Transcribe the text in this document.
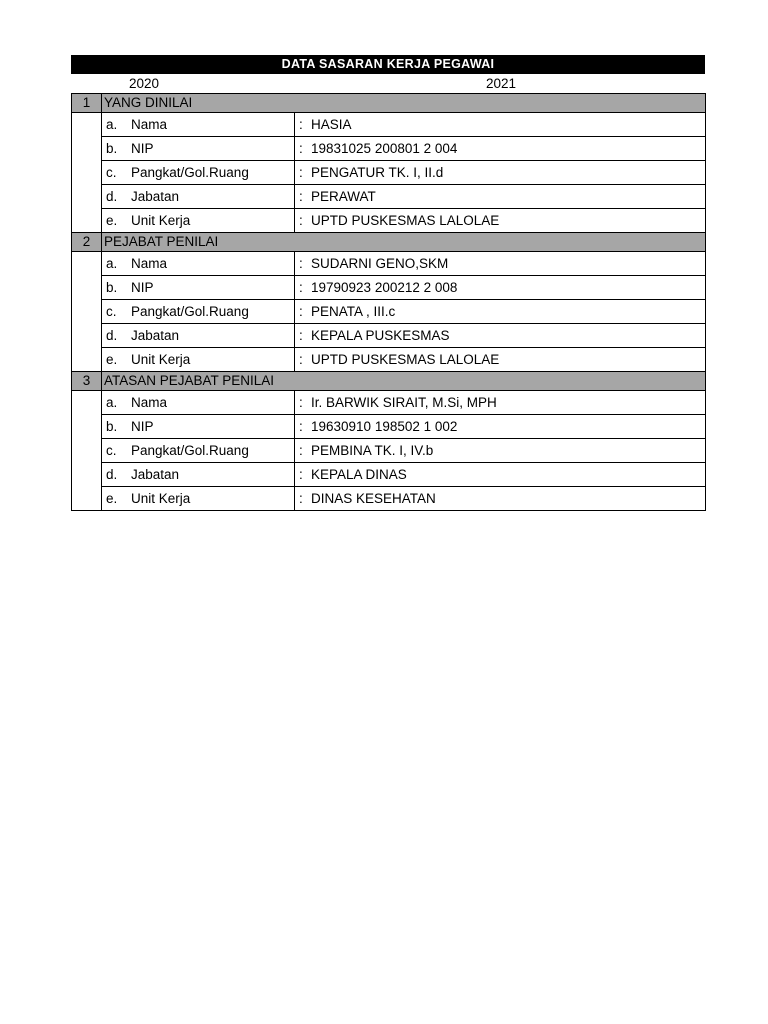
DATA SASARAN KERJA PEGAWAI
2020	2021
1	YANG DINILAI	
	a. Nama	: HASIA
	b. NIP	: 19831025 200801 2 004
	c. Pangkat/Gol.Ruang	: PENGATUR TK. I, II.d
	d. Jabatan	: PERAWAT
	e. Unit Kerja	: UPTD PUSKESMAS LALOLAE
2	PEJABAT PENILAI	
	a. Nama	: SUDARNI GENO,SKM
	b. NIP	: 19790923 200212 2 008
	c. Pangkat/Gol.Ruang	: PENATA , III.c
	d. Jabatan	: KEPALA PUSKESMAS
	e. Unit Kerja	: UPTD PUSKESMAS LALOLAE
3	ATASAN PEJABAT PENILAI	
	a. Nama	: Ir. BARWIK SIRAIT, M.Si, MPH
	b. NIP	: 19630910 198502 1 002
	c. Pangkat/Gol.Ruang	: PEMBINA TK. I, IV.b
	d. Jabatan	: KEPALA DINAS
	e. Unit Kerja	: DINAS KESEHATAN
